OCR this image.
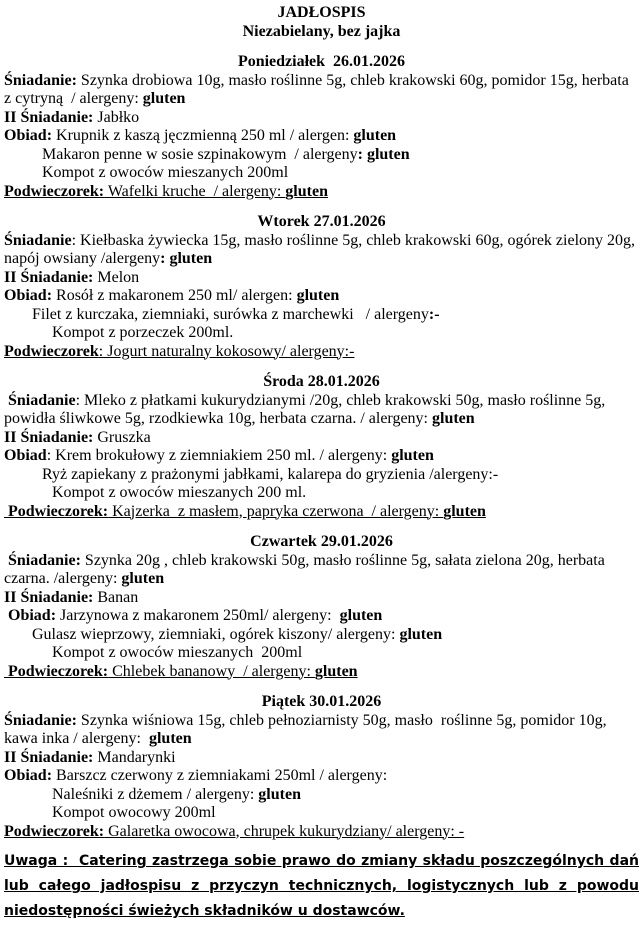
JADŁOSPIS
Niezabielany, bez jajka
Poniedziałek  26.01.2026
Śniadanie: Szynka drobiowa 10g, masło roślinne 5g, chleb krakowski 60g, pomidor 15g, herbata z cytryną  / alergeny: gluten
II Śniadanie: Jabłko
Obiad: Krupnik z kaszą jęczmienną 250 ml / alergen: gluten
Makaron penne w sosie szpinakowym  / alergeny: gluten
Kompot z owoców mieszanych 200ml
Podwieczorek: Wafelki kruche  / alergeny: gluten
Wtorek 27.01.2026
Śniadanie: Kiełbaska żywiecka 15g, masło roślinne 5g, chleb krakowski 60g, ogórek zielony 20g, napój owsiany /alergeny: gluten
II Śniadanie: Melon
Obiad: Rosół z makaronem 250 ml/ alergen: gluten
Filet z kurczaka, ziemniaki, surówka z marchewki   / alergeny:-
Kompot z porzeczek 200ml.
Podwieczorek: Jogurt naturalny kokosowy/ alergeny:-
Środa 28.01.2026
Śniadanie: Mleko z płatkami kukurydzianymi /20g, chleb krakowski 50g, masło roślinne 5g, powidła śliwkowe 5g, rzodkiewka 10g, herbata czarna. / alergeny: gluten
II Śniadanie: Gruszka
Obiad: Krem brokułowy z ziemniakiem 250 ml. / alergeny: gluten
Ryż zapiekany z prażonymi jabłkami, kalarepa do gryzienia /alergeny:-
Kompot z owoców mieszanych 200 ml.
Podwieczorek: Kajzerka  z masłem, papryka czerwona  / alergeny: gluten
Czwartek 29.01.2026
Śniadanie: Szynka 20g , chleb krakowski 50g, masło roślinne 5g, sałata zielona 20g, herbata czarna. /alergeny: gluten
II Śniadanie: Banan
Obiad: Jarzynowa z makaronem 250ml/ alergeny:  gluten
Gulasz wieprzowy, ziemniaki, ogórek kiszony/ alergeny: gluten
Kompot z owoców mieszanych  200ml
Podwieczorek: Chlebek bananowy  / alergeny: gluten
Piątek 30.01.2026
Śniadanie: Szynka wiśniowa 15g, chleb pełnoziarnisty 50g, masło  roślinne 5g, pomidor 10g, kawa inka / alergeny:  gluten
II Śniadanie: Mandarynki
Obiad: Barszcz czerwony z ziemniakami 250ml / alergeny:
Naleśniki z dżemem / alergeny: gluten
Kompot owocowy 200ml
Podwieczorek: Galaretka owocowa, chrupek kukurydziany/ alergeny: -
Uwaga :  Catering zastrzega sobie prawo do zmiany składu poszczególnych dań lub całego jadłospisu z przyczyn technicznych, logistycznych lub z powodu niedostępności świeżych składników u dostawców.
